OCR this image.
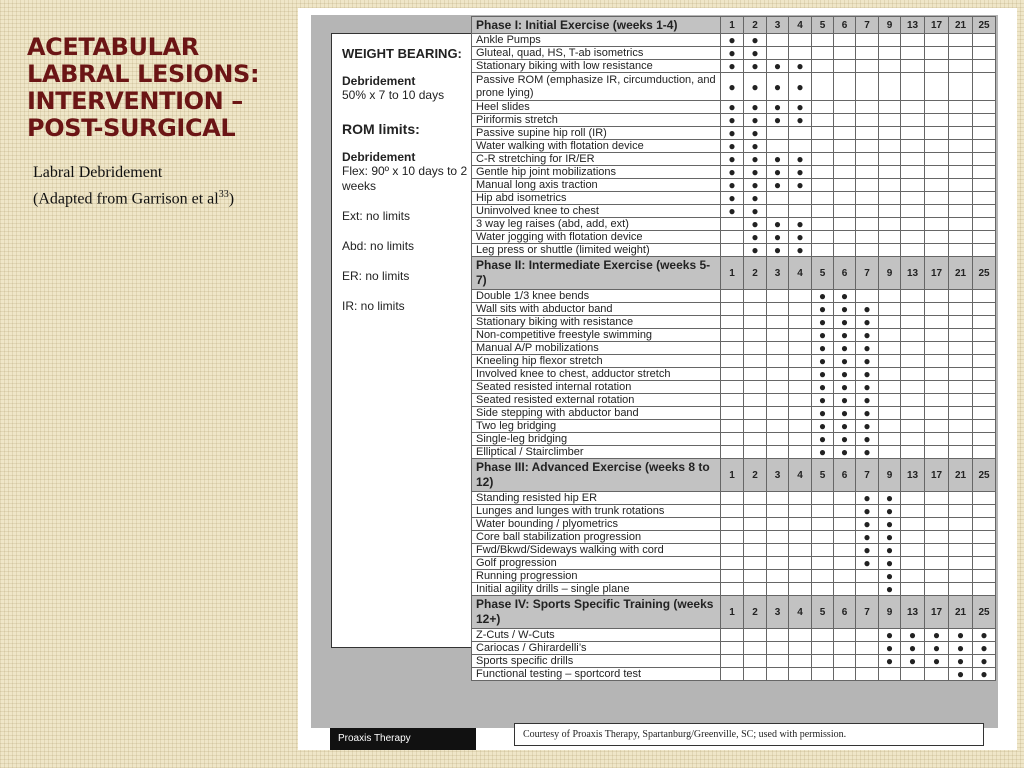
ACETABULAR LABRAL LESIONS: INTERVENTION – POST-SURGICAL
Labral Debridement
(Adapted from Garrison et $al^{33}$)

WEIGHT BEARING:

Debridement

50% x 7 to 10 days

ROM limits:

Debridement

Flex: 90º x 10 days to 2 weeks

Ext: no limits

Abd: no limits

ER: no limits

IR: no limits

Phase I: Initial Exercise (weeks 1-4)	1	2	3	4	5	6	7	9	13	17	21	25
Ankle Pumps	●	●										
Gluteal, quad, HS, T-ab isometrics	●	●										
Stationary biking with low resistance	●	●	●	●								
Passive ROM (emphasize IR, circumduction, and prone lying)	●	●	●	●								
Heel slides	●	●	●	●								
Piriformis stretch	●	●	●	●								
Passive supine hip roll (IR)	●	●										
Water walking with flotation device	●	●										
C-R stretching for IR/ER	●	●	●	●								
Gentle hip joint mobilizations	●	●	●	●								
Manual long axis traction	●	●	●	●								
Hip abd isometrics	●	●										
Uninvolved knee to chest	●	●										
3 way leg raises (abd, add, ext)		●	●	●								
Water jogging with flotation device		●	●	●								
Leg press or shuttle (limited weight)		●	●	●								
Phase II: Intermediate Exercise (weeks 5-7)	1	2	3	4	5	6	7	9	13	17	21	25
Double 1/3 knee bends					●	●						
Wall sits with abductor band					●	●	●					
Stationary biking with resistance					●	●	●					
Non-competitive freestyle swimming					●	●	●					
Manual A/P mobilizations					●	●	●					
Kneeling hip flexor stretch					●	●	●					
Involved knee to chest, adductor stretch					●	●	●					
Seated resisted internal rotation					●	●	●					
Seated resisted external rotation					●	●	●					
Side stepping with abductor band					●	●	●					
Two leg bridging					●	●	●					
Single-leg bridging					●	●	●					
Elliptical / Stairclimber					●	●	●					
Phase III: Advanced Exercise (weeks 8 to 12)	1	2	3	4	5	6	7	9	13	17	21	25
Standing resisted hip ER							●	●				
Lunges and lunges with trunk rotations							●	●				
Water bounding / plyometrics							●	●				
Core ball stabilization progression							●	●				
Fwd/Bkwd/Sideways walking with cord							●	●				
Golf progression							●	●				
Running progression								●				
Initial agility drills – single plane								●				
Phase IV: Sports Specific Training (weeks 12+)	1	2	3	4	5	6	7	9	13	17	21	25
Z-Cuts / W-Cuts								●	●	●	●	●
Cariocas / Ghirardelli’s								●	●	●	●	●
Sports specific drills								●	●	●	●	●
Functional testing – sportcord test											●	●
Proaxis Therapy	Courtesy of Proaxis Therapy, Spartanburg/Greenville, SC; used with permission.
